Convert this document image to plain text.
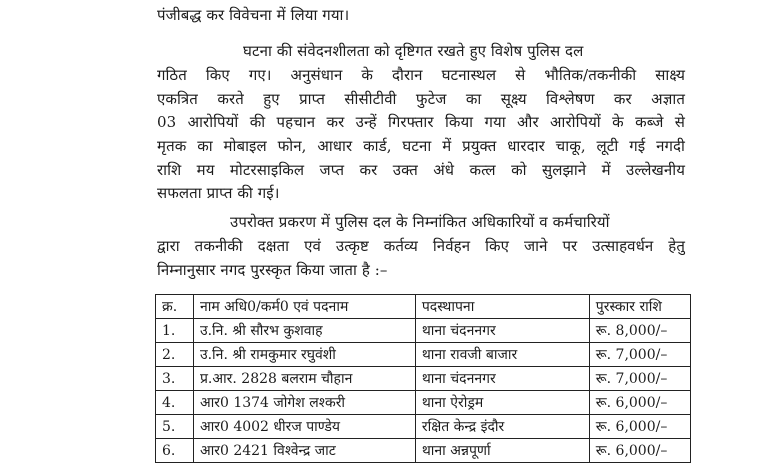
पंजीबद्ध कर विवेचना में लिया गया।
घटना की संवेदनशीलता को दृष्टिगत रखते हुए विशेष पुलिस दल
गठित किए गए। अनुसंधान के दौरान घटनास्थल से भौतिक/तकनीकी साक्ष्य
एकत्रित करते हुए प्राप्त सीसीटीवी फुटेज का सूक्ष्य विश्लेषण कर अज्ञात
03 आरोपियों की पहचान कर उन्हें गिरफ्तार किया गया और आरोपियों के कब्जे से
मृतक का मोबाइल फोन, आधार कार्ड, घटना में प्रयुक्त धारदार चाकू, लूटी गई नगदी
राशि मय मोटरसाइकिल जप्त कर उक्त अंधे कत्ल को सुलझाने में उल्लेखनीय
सफलता प्राप्त की गई।
उपरोक्त प्रकरण में पुलिस दल के निम्नांकित अधिकारियों व कर्मचारियों
द्वारा तकनीकी दक्षता एवं उत्कृष्ट कर्तव्य निर्वहन किए जाने पर उत्साहवर्धन हेतु
निम्नानुसार नगद पुरस्कृत किया जाता है :–
क्र.	नाम अधि0/कर्म0 एवं पदनाम	पदस्थापना	पुरस्कार राशि
1.	उ.नि. श्री सौरभ कुशवाह	थाना चंदननगर	रू. 8,000/–
2.	उ.नि. श्री रामकुमार रघुवंशी	थाना रावजी बाजार	रू. 7,000/–
3.	प्र.आर. 2828 बलराम चौहान	थाना चंदननगर	रू. 7,000/–
4.	आर0 1374 जोगेश लश्करी	थाना ऐरोड्रम	रू. 6,000/–
5.	आर0 4002 धीरज पाण्डेय	रक्षित केन्द्र इंदौर	रू. 6,000/–
6.	आर0 2421 विश्वेन्द्र जाट	थाना अन्नपूर्णा	रू. 6,000/–
